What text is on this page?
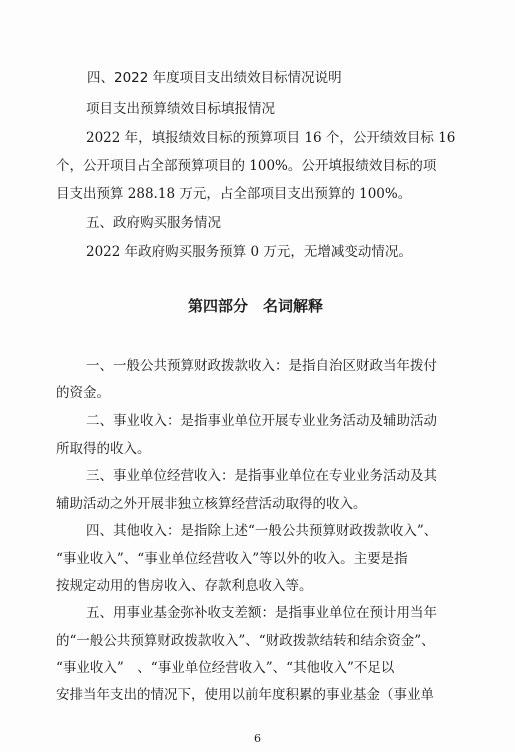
四、2022 年度项目支出绩效目标情况说明
项目支出预算绩效目标填报情况
2022 年，填报绩效目标的预算项目 16 个，公开绩效目标 16
个，公开项目占全部预算项目的 100%。公开填报绩效目标的项
目支出预算 288.18 万元，占全部项目支出预算的 100%。
五、政府购买服务情况
2022 年政府购买服务预算 0 万元，无增减变动情况。
第四部分　名词解释
一、一般公共预算财政拨款收入：是指自治区财政当年拨付
的资金。
二、事业收入：是指事业单位开展专业业务活动及辅助活动
所取得的收入。
三、事业单位经营收入：是指事业单位在专业业务活动及其
辅助活动之外开展非独立核算经营活动取得的收入。
四、其他收入：是指除上述“一般公共预算财政拨款收入”、
“事业收入”、“事业单位经营收入”等以外的收入。主要是指
按规定动用的售房收入、存款利息收入等。
五、用事业基金弥补收支差额：是指事业单位在预计用当年
的“一般公共预算财政拨款收入”、“财政拨款结转和结余资金”、
“事业收入”　、“事业单位经营收入”、“其他收入”不足以
安排当年支出的情况下，使用以前年度积累的事业基金（事业单
6
